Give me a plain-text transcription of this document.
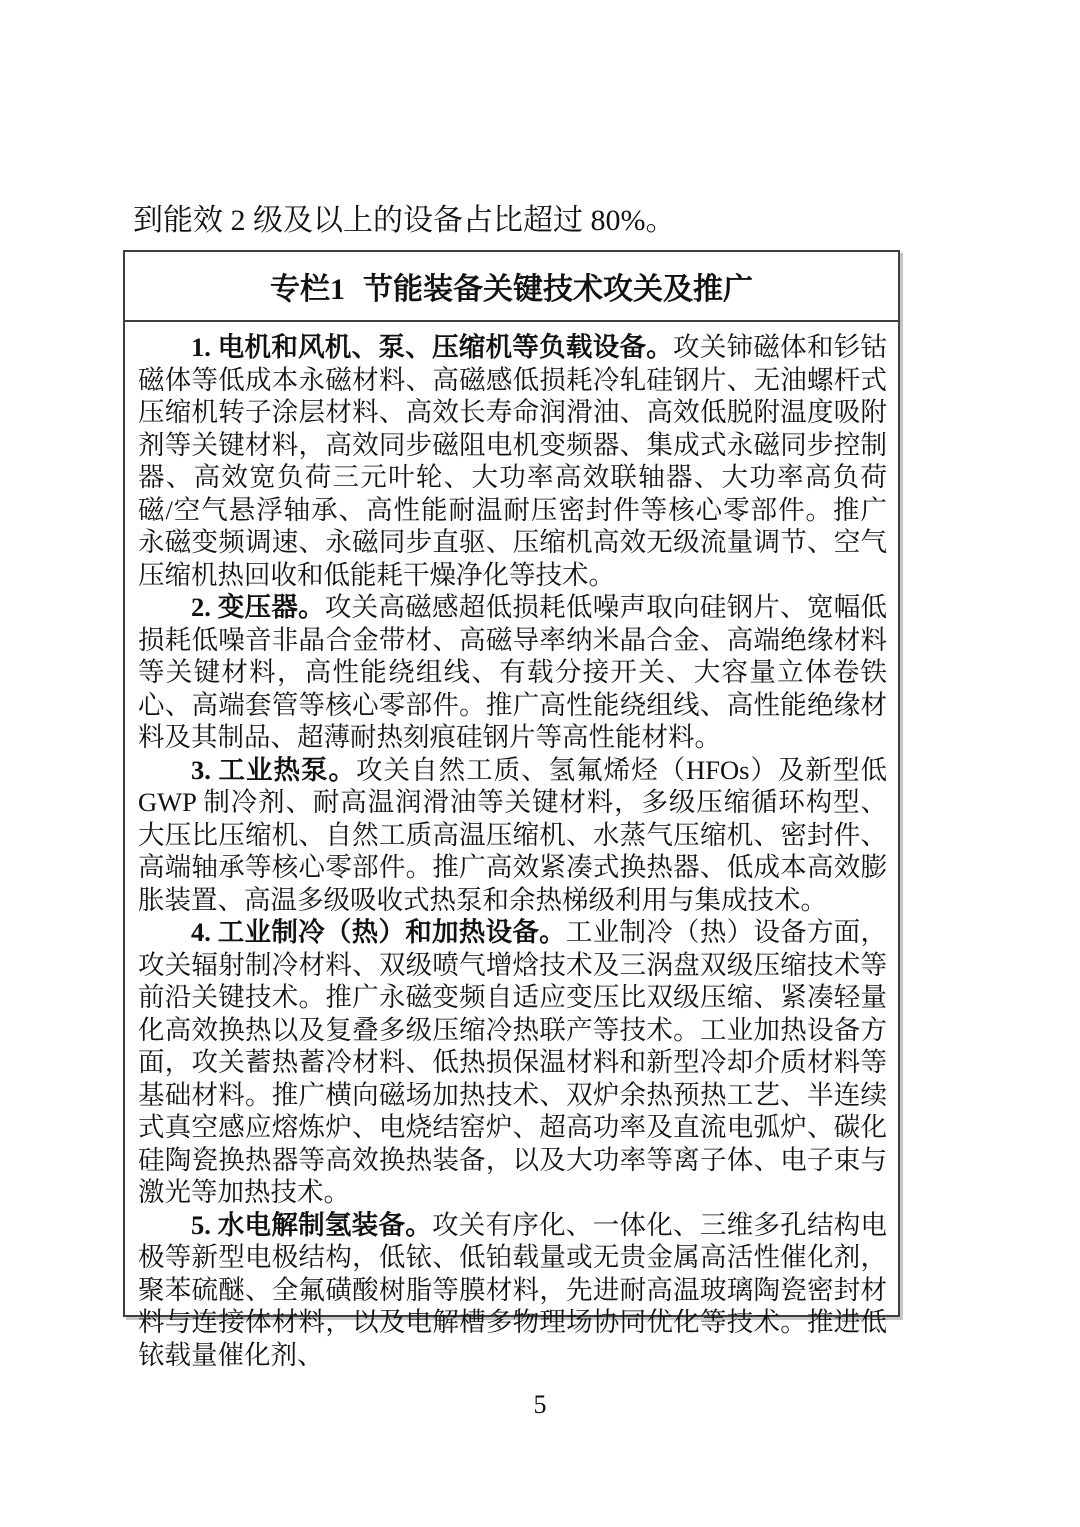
到能效 2 级及以上的设备占比超过 80%。
专栏1 节能装备关键技术攻关及推广

1. 电机和风机、泵、压缩机等负载设备。攻关铈磁体和钐钴磁体等低成本永磁材料、高磁感低损耗冷轧硅钢片、无油螺杆式压缩机转子涂层材料、高效长寿命润滑油、高效低脱附温度吸附剂等关键材料，高效同步磁阻电机变频器、集成式永磁同步控制器、高效宽负荷三元叶轮、大功率高效联轴器、大功率高负荷磁/空气悬浮轴承、高性能耐温耐压密封件等核心零部件。推广永磁变频调速、永磁同步直驱、压缩机高效无级流量调节、空气压缩机热回收和低能耗干燥净化等技术。

2. 变压器。攻关高磁感超低损耗低噪声取向硅钢片、宽幅低损耗低噪音非晶合金带材、高磁导率纳米晶合金、高端绝缘材料等关键材料，高性能绕组线、有载分接开关、大容量立体卷铁心、高端套管等核心零部件。推广高性能绕组线、高性能绝缘材料及其制品、超薄耐热刻痕硅钢片等高性能材料。

3. 工业热泵。攻关自然工质、氢氟烯烃（HFOs）及新型低 GWP 制冷剂、耐高温润滑油等关键材料，多级压缩循环构型、大压比压缩机、自然工质高温压缩机、水蒸气压缩机、密封件、高端轴承等核心零部件。推广高效紧凑式换热器、低成本高效膨胀装置、高温多级吸收式热泵和余热梯级利用与集成技术。

4. 工业制冷（热）和加热设备。工业制冷（热）设备方面，攻关辐射制冷材料、双级喷气增焓技术及三涡盘双级压缩技术等前沿关键技术。推广永磁变频自适应变压比双级压缩、紧凑轻量化高效换热以及复叠多级压缩冷热联产等技术。工业加热设备方面，攻关蓄热蓄冷材料、低热损保温材料和新型冷却介质材料等基础材料。推广横向磁场加热技术、双炉余热预热工艺、半连续式真空感应熔炼炉、电烧结窑炉、超高功率及直流电弧炉、碳化硅陶瓷换热器等高效换热装备，以及大功率等离子体、电子束与激光等加热技术。

5. 水电解制氢装备。攻关有序化、一体化、三维多孔结构电极等新型电极结构，低铱、低铂载量或无贵金属高活性催化剂，聚苯硫醚、全氟磺酸树脂等膜材料，先进耐高温玻璃陶瓷密封材料与连接体材料，以及电解槽多物理场协同优化等技术。推进低铱载量催化剂、

5
